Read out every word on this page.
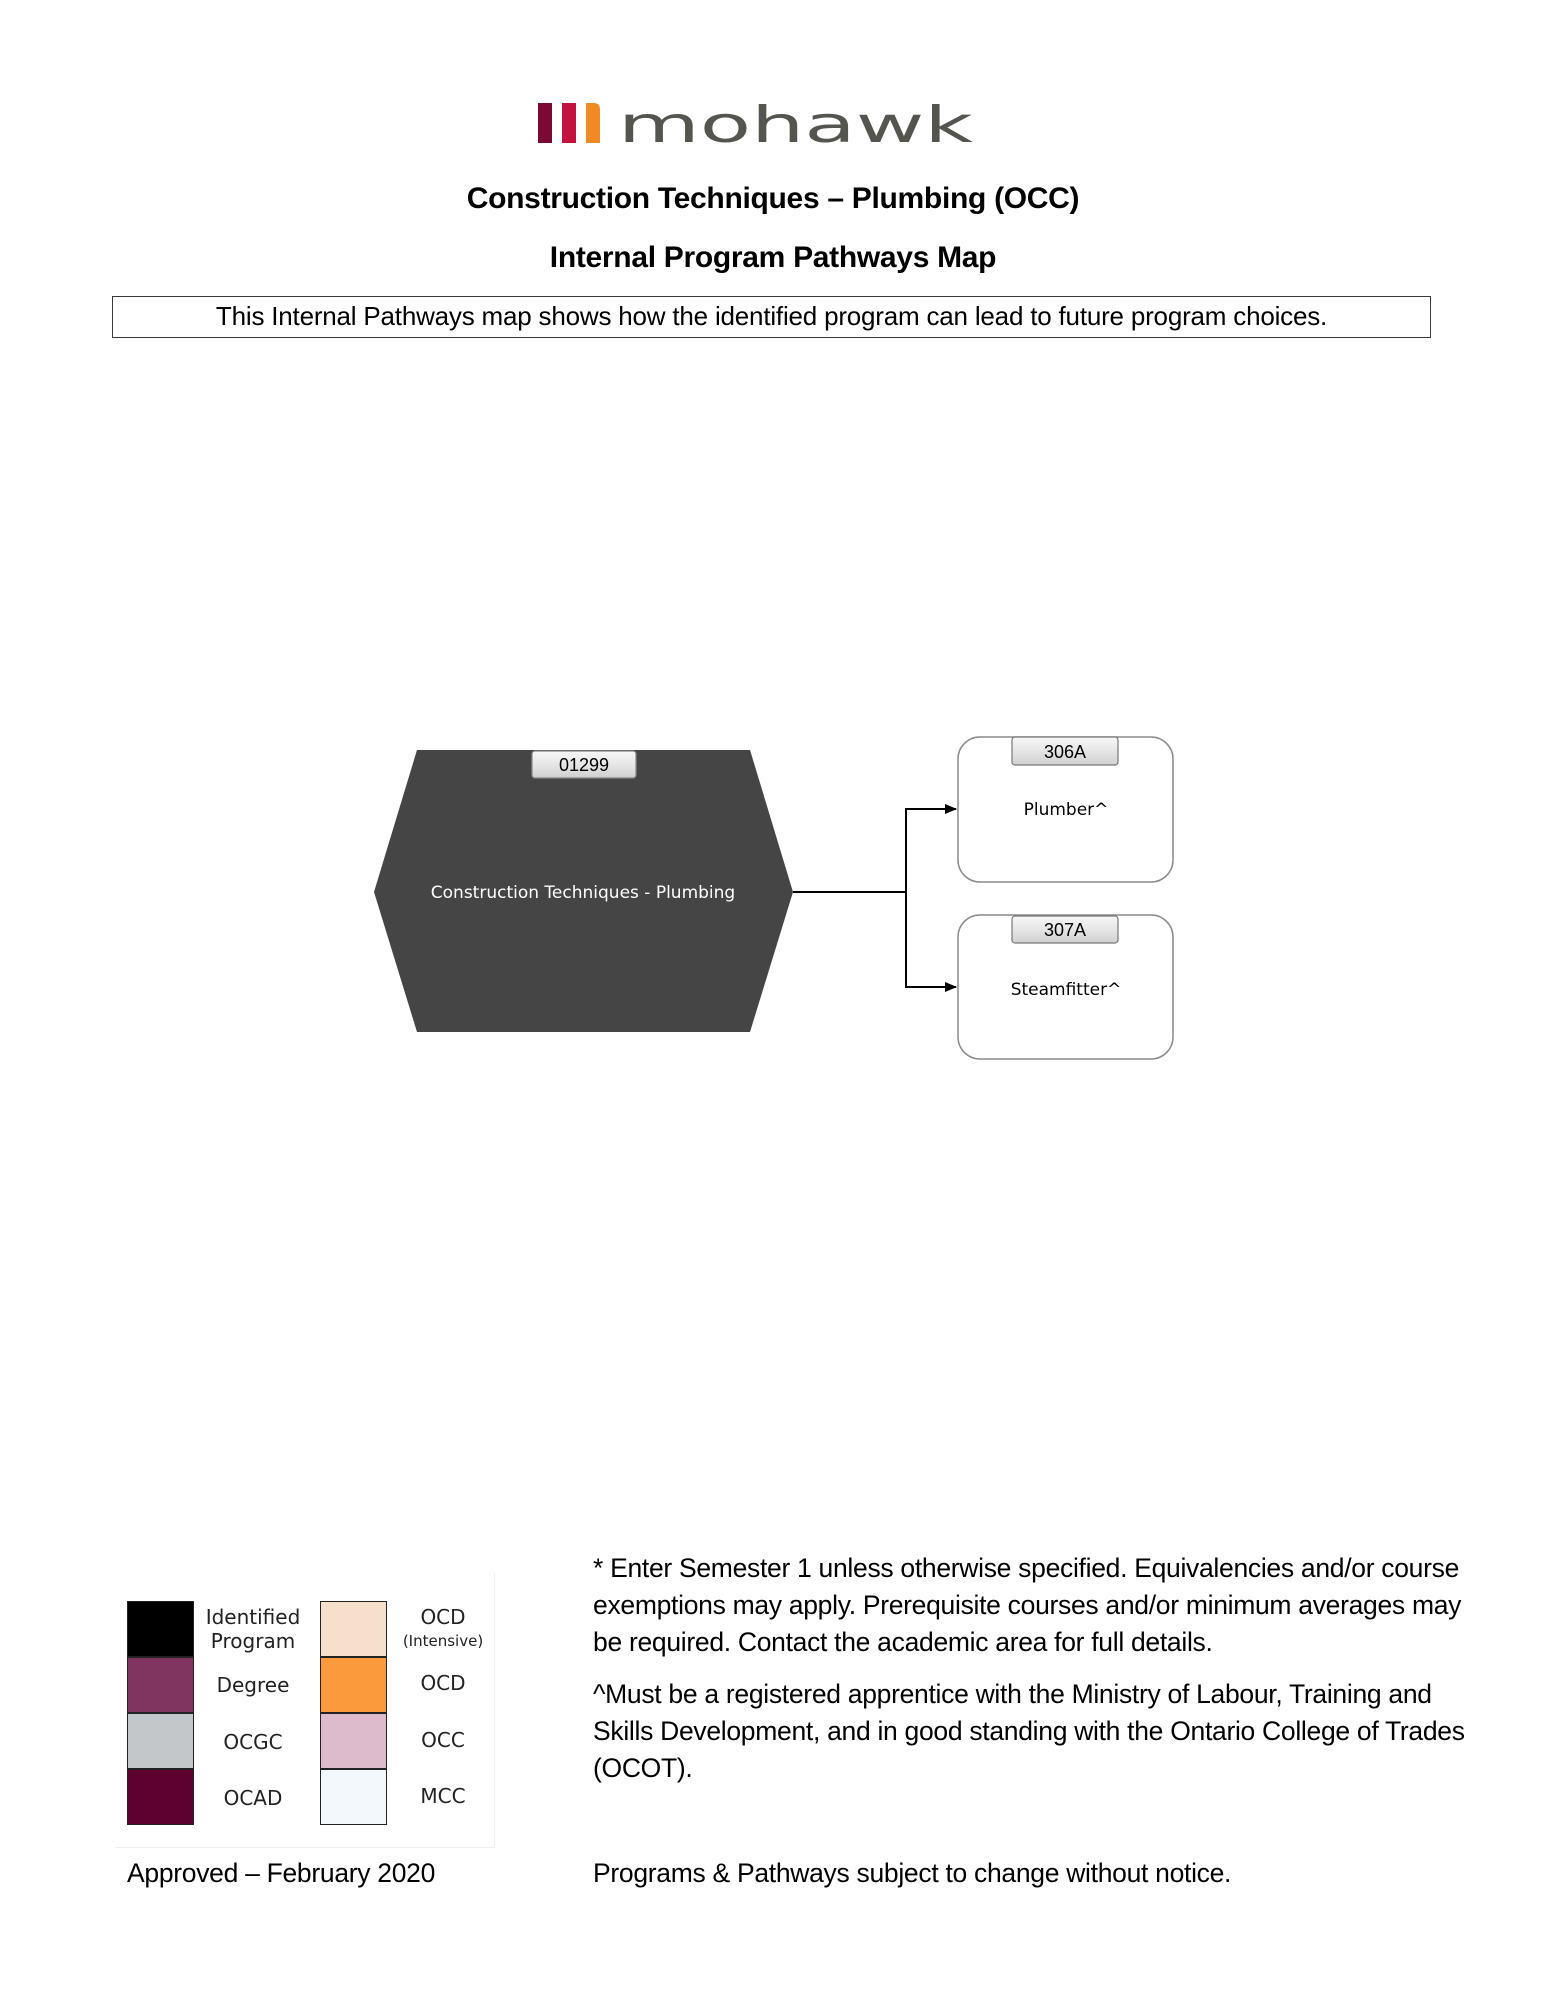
mohawk
Construction Techniques – Plumbing (OCC)
Internal Program Pathways Map
This Internal Pathways map shows how the identified program can lead to future program choices.
01299
Construction Techniques - Plumbing
306A
Plumber^
307A
Steamfitter^
Identified
Program
Degree
OCGC
OCAD
OCD
(Intensive)
OCD
OCC
MCC

* Enter Semester 1 unless otherwise specified. Equivalencies and/or course exemptions may apply. Prerequisite courses and/or minimum averages may be required. Contact the academic area for full details.

^Must be a registered apprentice with the Ministry of Labour, Training and Skills Development, and in good standing with the Ontario College of Trades (OCOT).

Approved – February 2020	Programs & Pathways subject to change without notice.
